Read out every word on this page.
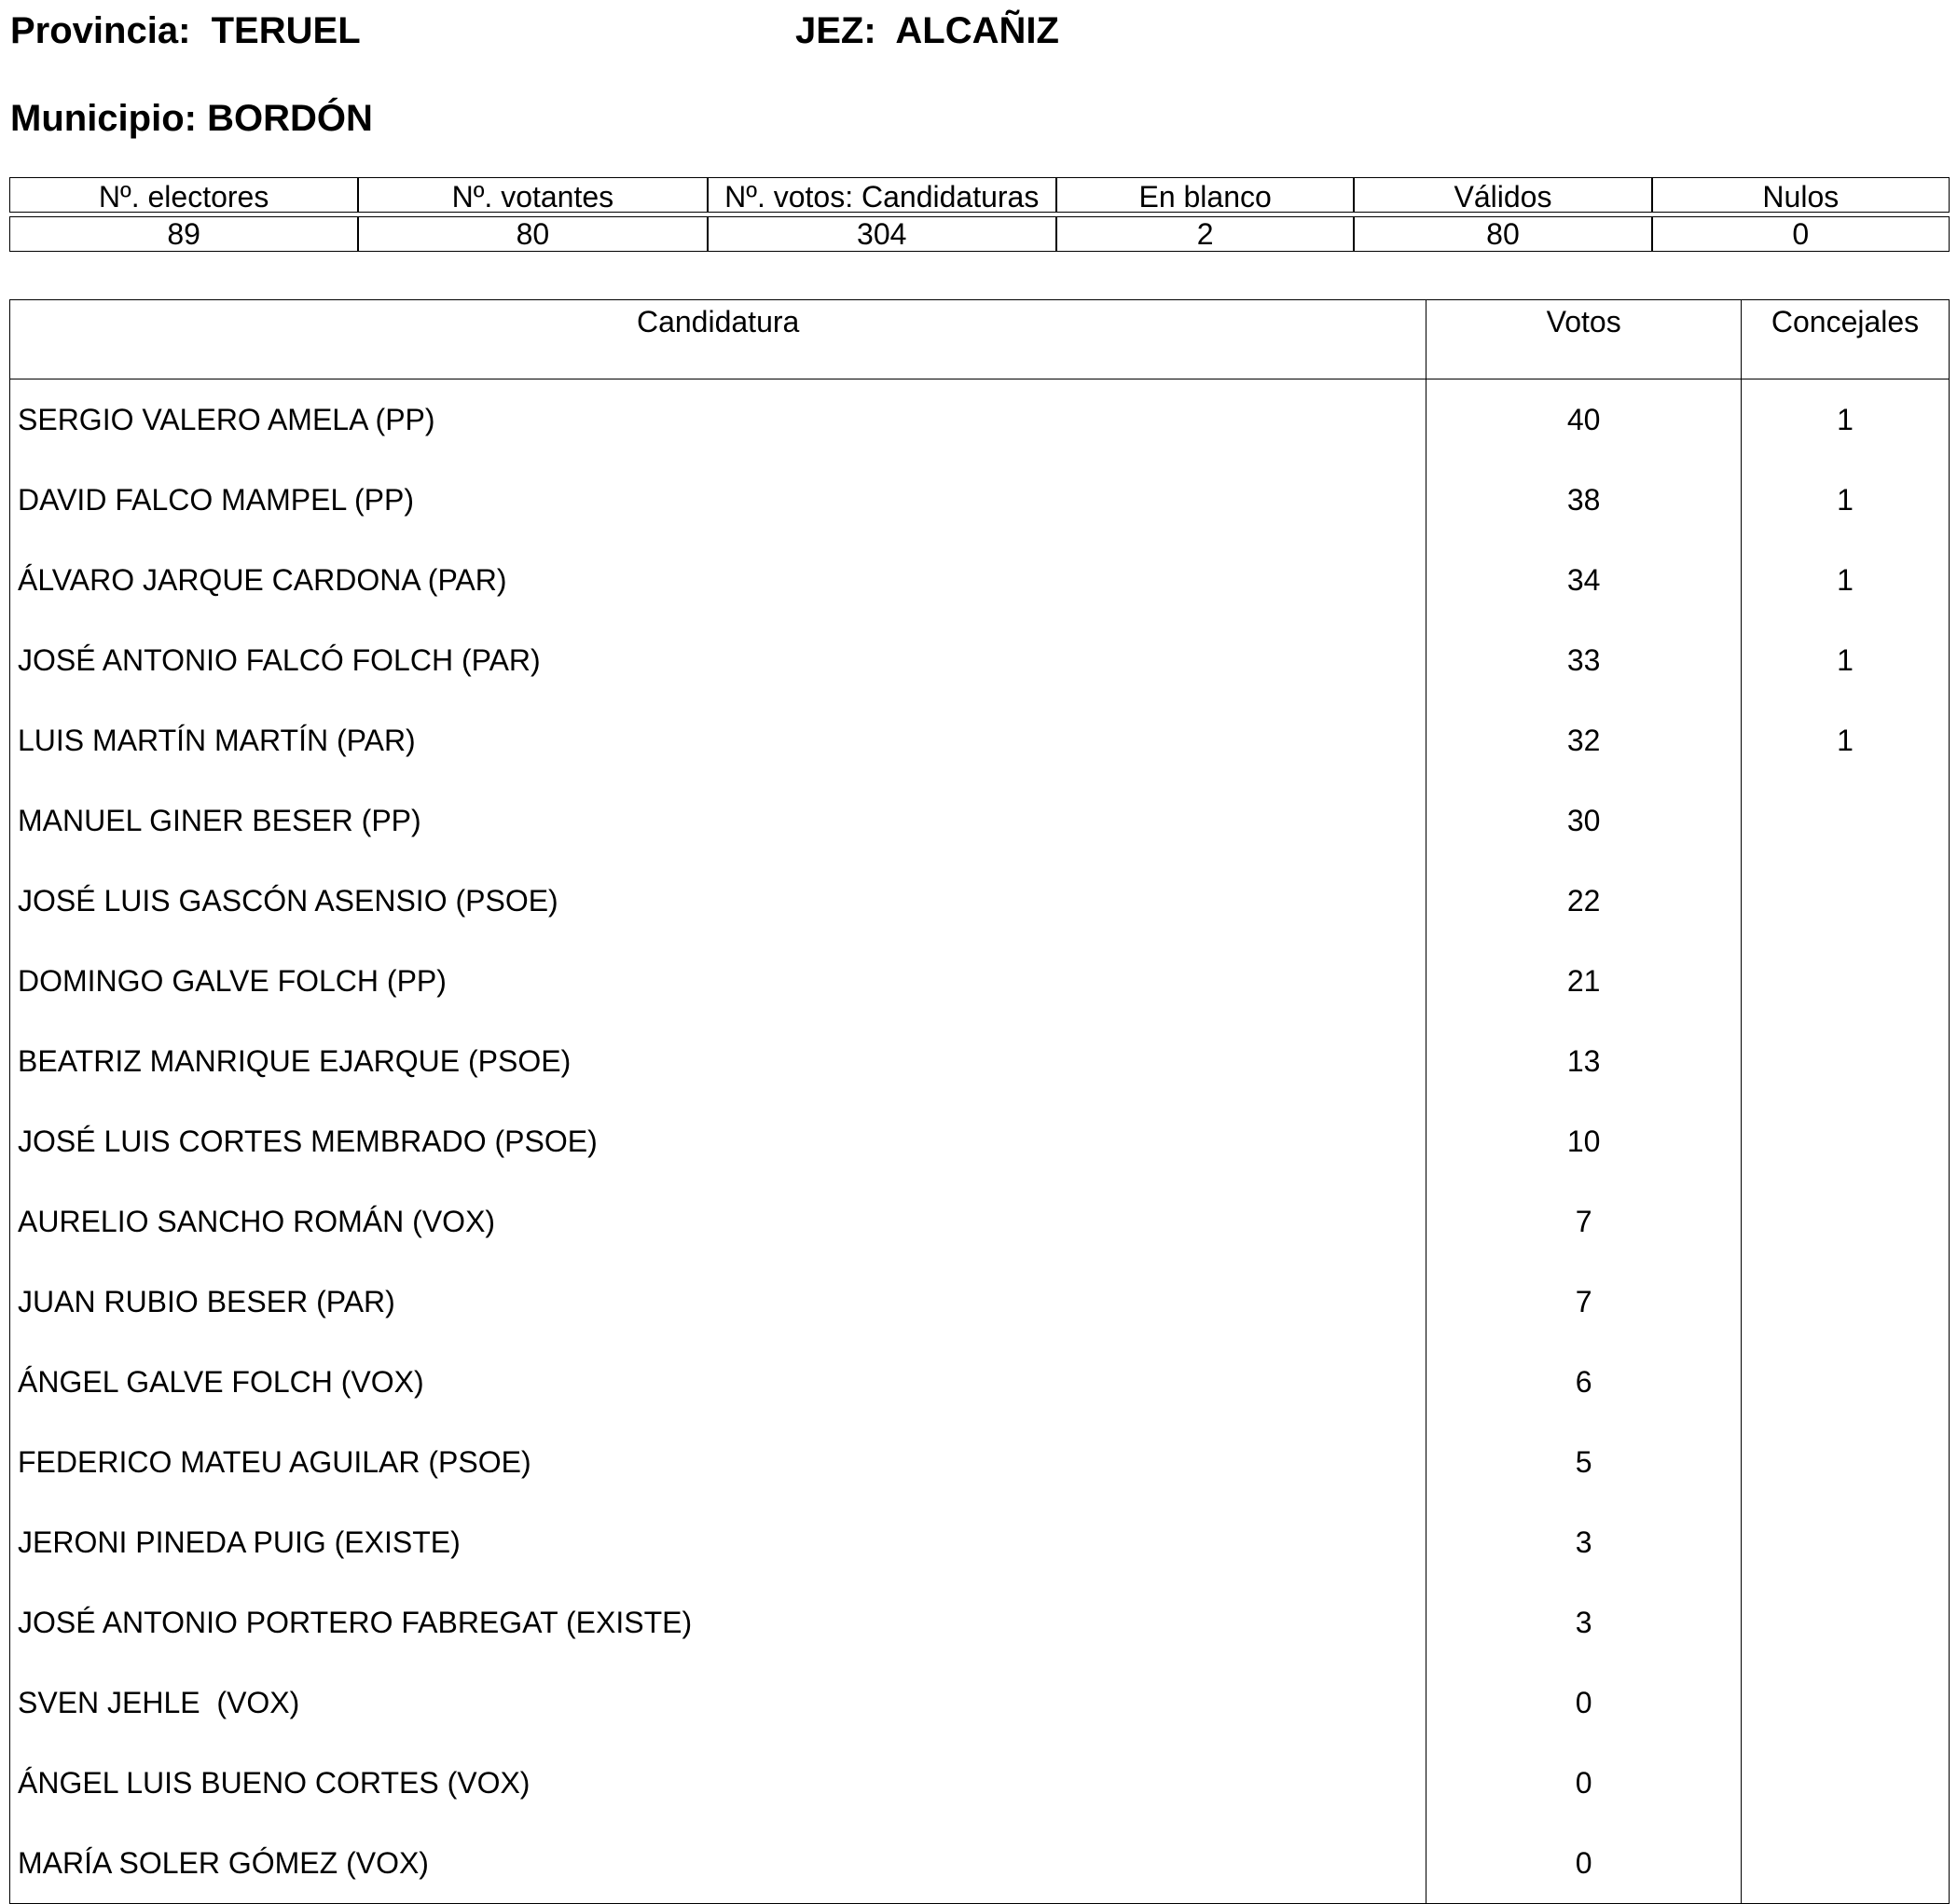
Provincia:  TERUEL	JEZ:  ALCAÑIZ
Municipio: BORDÓN
Nº. electores	Nº. votantes	Nº. votos: Candidaturas	En blanco	Válidos	Nulos

89	80	304	2	80	0
Candidatura	Votos	Concejales
SERGIO VALERO AMELA (PP)	40	1
DAVID FALCO MAMPEL (PP)	38	1
ÁLVARO JARQUE CARDONA (PAR)	34	1
JOSÉ ANTONIO FALCÓ FOLCH (PAR)	33	1
LUIS MARTÍN MARTÍN (PAR)	32	1
MANUEL GINER BESER (PP)	30	
JOSÉ LUIS GASCÓN ASENSIO (PSOE)	22	
DOMINGO GALVE FOLCH (PP)	21	
BEATRIZ MANRIQUE EJARQUE (PSOE)	13	
JOSÉ LUIS CORTES MEMBRADO (PSOE)	10	
AURELIO SANCHO ROMÁN (VOX)	7	
JUAN RUBIO BESER (PAR)	7	
ÁNGEL GALVE FOLCH (VOX)	6	
FEDERICO MATEU AGUILAR (PSOE)	5	
JERONI PINEDA PUIG (EXISTE)	3	
JOSÉ ANTONIO PORTERO FABREGAT (EXISTE)	3	
SVEN JEHLE  (VOX)	0	
ÁNGEL LUIS BUENO CORTES (VOX)	0	
MARÍA SOLER GÓMEZ (VOX)	0	
